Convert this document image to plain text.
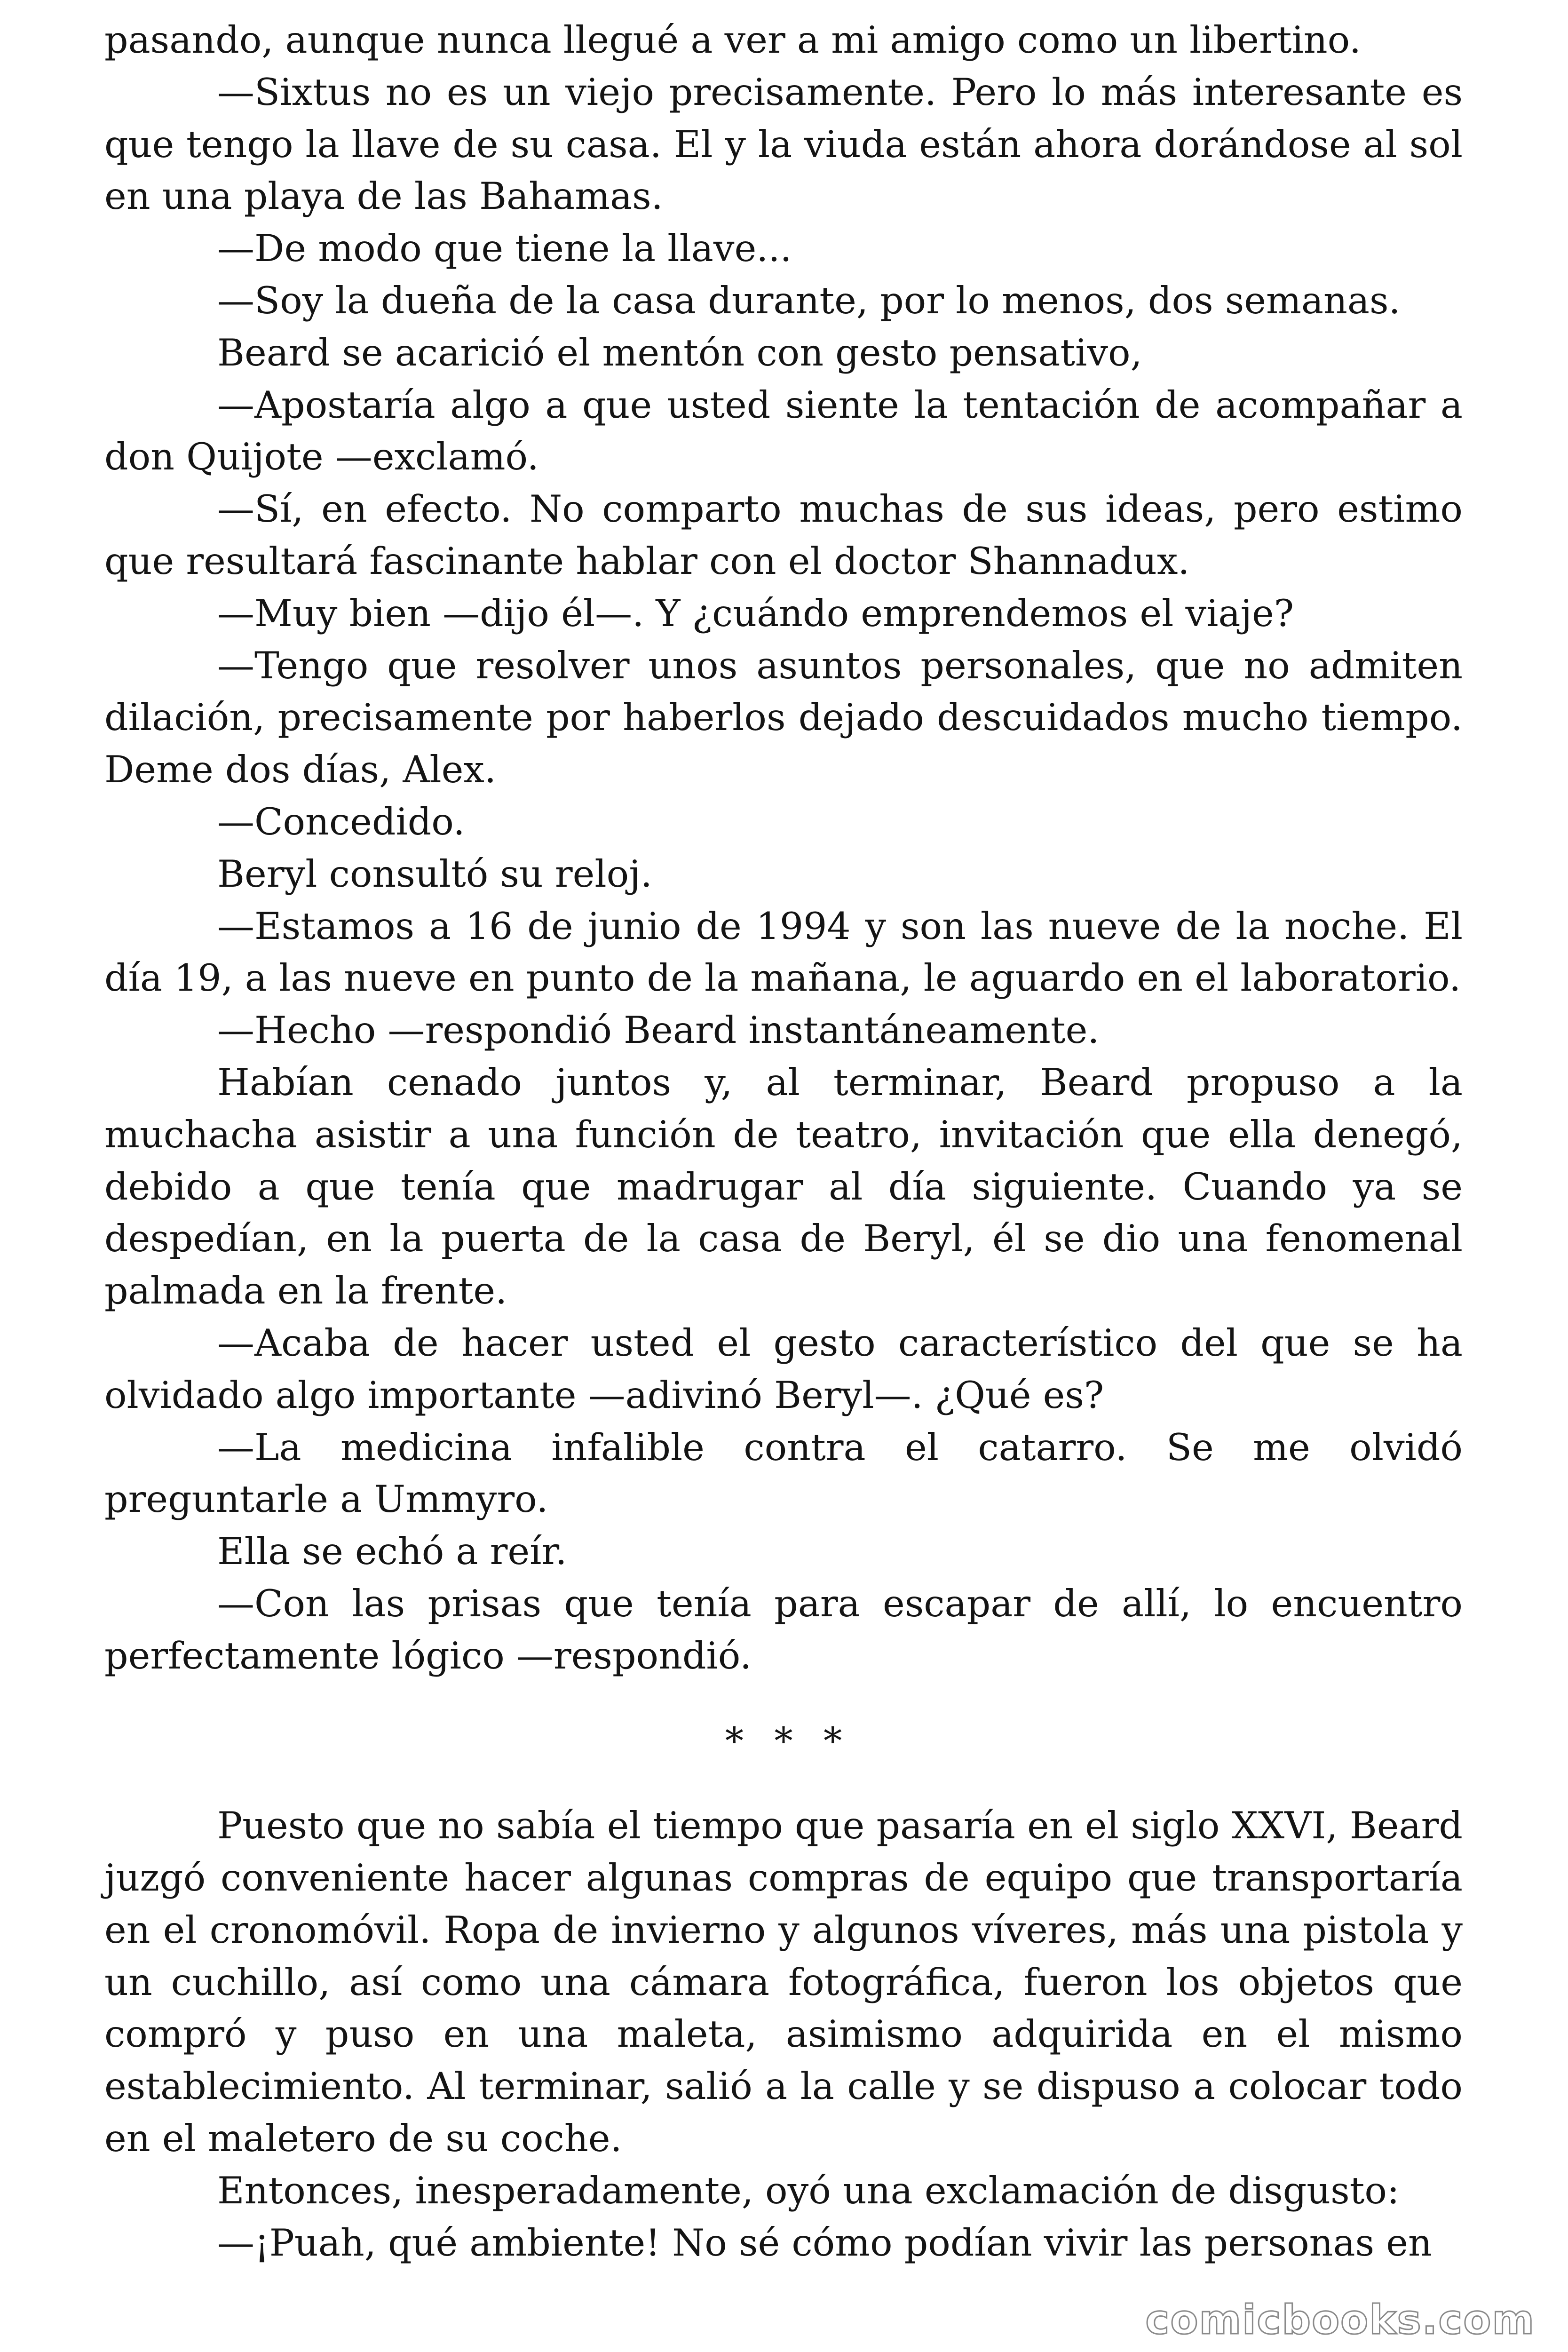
pasando, aunque nunca llegué a ver a mi amigo como un libertino.

—Sixtus no es un viejo precisamente. Pero lo más interesante es que tengo la llave de su casa. El y la viuda están ahora dorándose al sol en una playa de las Bahamas.

—De modo que tiene la llave...

—Soy la dueña de la casa durante, por lo menos, dos semanas.

Beard se acarició el mentón con gesto pensativo,

—Apostaría algo a que usted siente la tentación de acompañar a don Quijote —exclamó.

—Sí, en efecto. No comparto muchas de sus ideas, pero estimo que resultará fascinante hablar con el doctor Shannadux.

—Muy bien —dijo él—. Y ¿cuándo emprendemos el viaje?

—Tengo que resolver unos asuntos personales, que no admiten dilación, precisamente por haberlos dejado descuidados mucho tiempo. Deme dos días, Alex.

—Concedido.

Beryl consultó su reloj.

—Estamos a 16 de junio de 1994 y son las nueve de la noche. El día 19, a las nueve en punto de la mañana, le aguardo en el laboratorio.

—Hecho —respondió Beard instantáneamente.

Habían cenado juntos y, al terminar, Beard propuso a la muchacha asistir a una función de teatro, invitación que ella denegó, debido a que tenía que madrugar al día siguiente. Cuando ya se despedían, en la puerta de la casa de Beryl, él se dio una fenomenal palmada en la frente.

—Acaba de hacer usted el gesto característico del que se ha olvidado algo importante —adivinó Beryl—. ¿Qué es?

—La medicina infalible contra el catarro. Se me olvidó preguntarle a Ummyro.

Ella se echó a reír.

—Con las prisas que tenía para escapar de allí, lo encuentro perfectamente lógico —respondió.

* * *

Puesto que no sabía el tiempo que pasaría en el siglo XXVI, Beard juzgó conveniente hacer algunas compras de equipo que transportaría en el cronomóvil. Ropa de invierno y algunos víveres, más una pistola y un cuchillo, así como una cámara fotográfica, fueron los objetos que compró y puso en una maleta, asimismo adquirida en el mismo establecimiento. Al terminar, salió a la calle y se dispuso a colocar todo en el maletero de su coche.

Entonces, inesperadamente, oyó una exclamación de disgusto:

—¡Puah, qué ambiente! No sé cómo podían vivir las personas en

comicbooks.com
